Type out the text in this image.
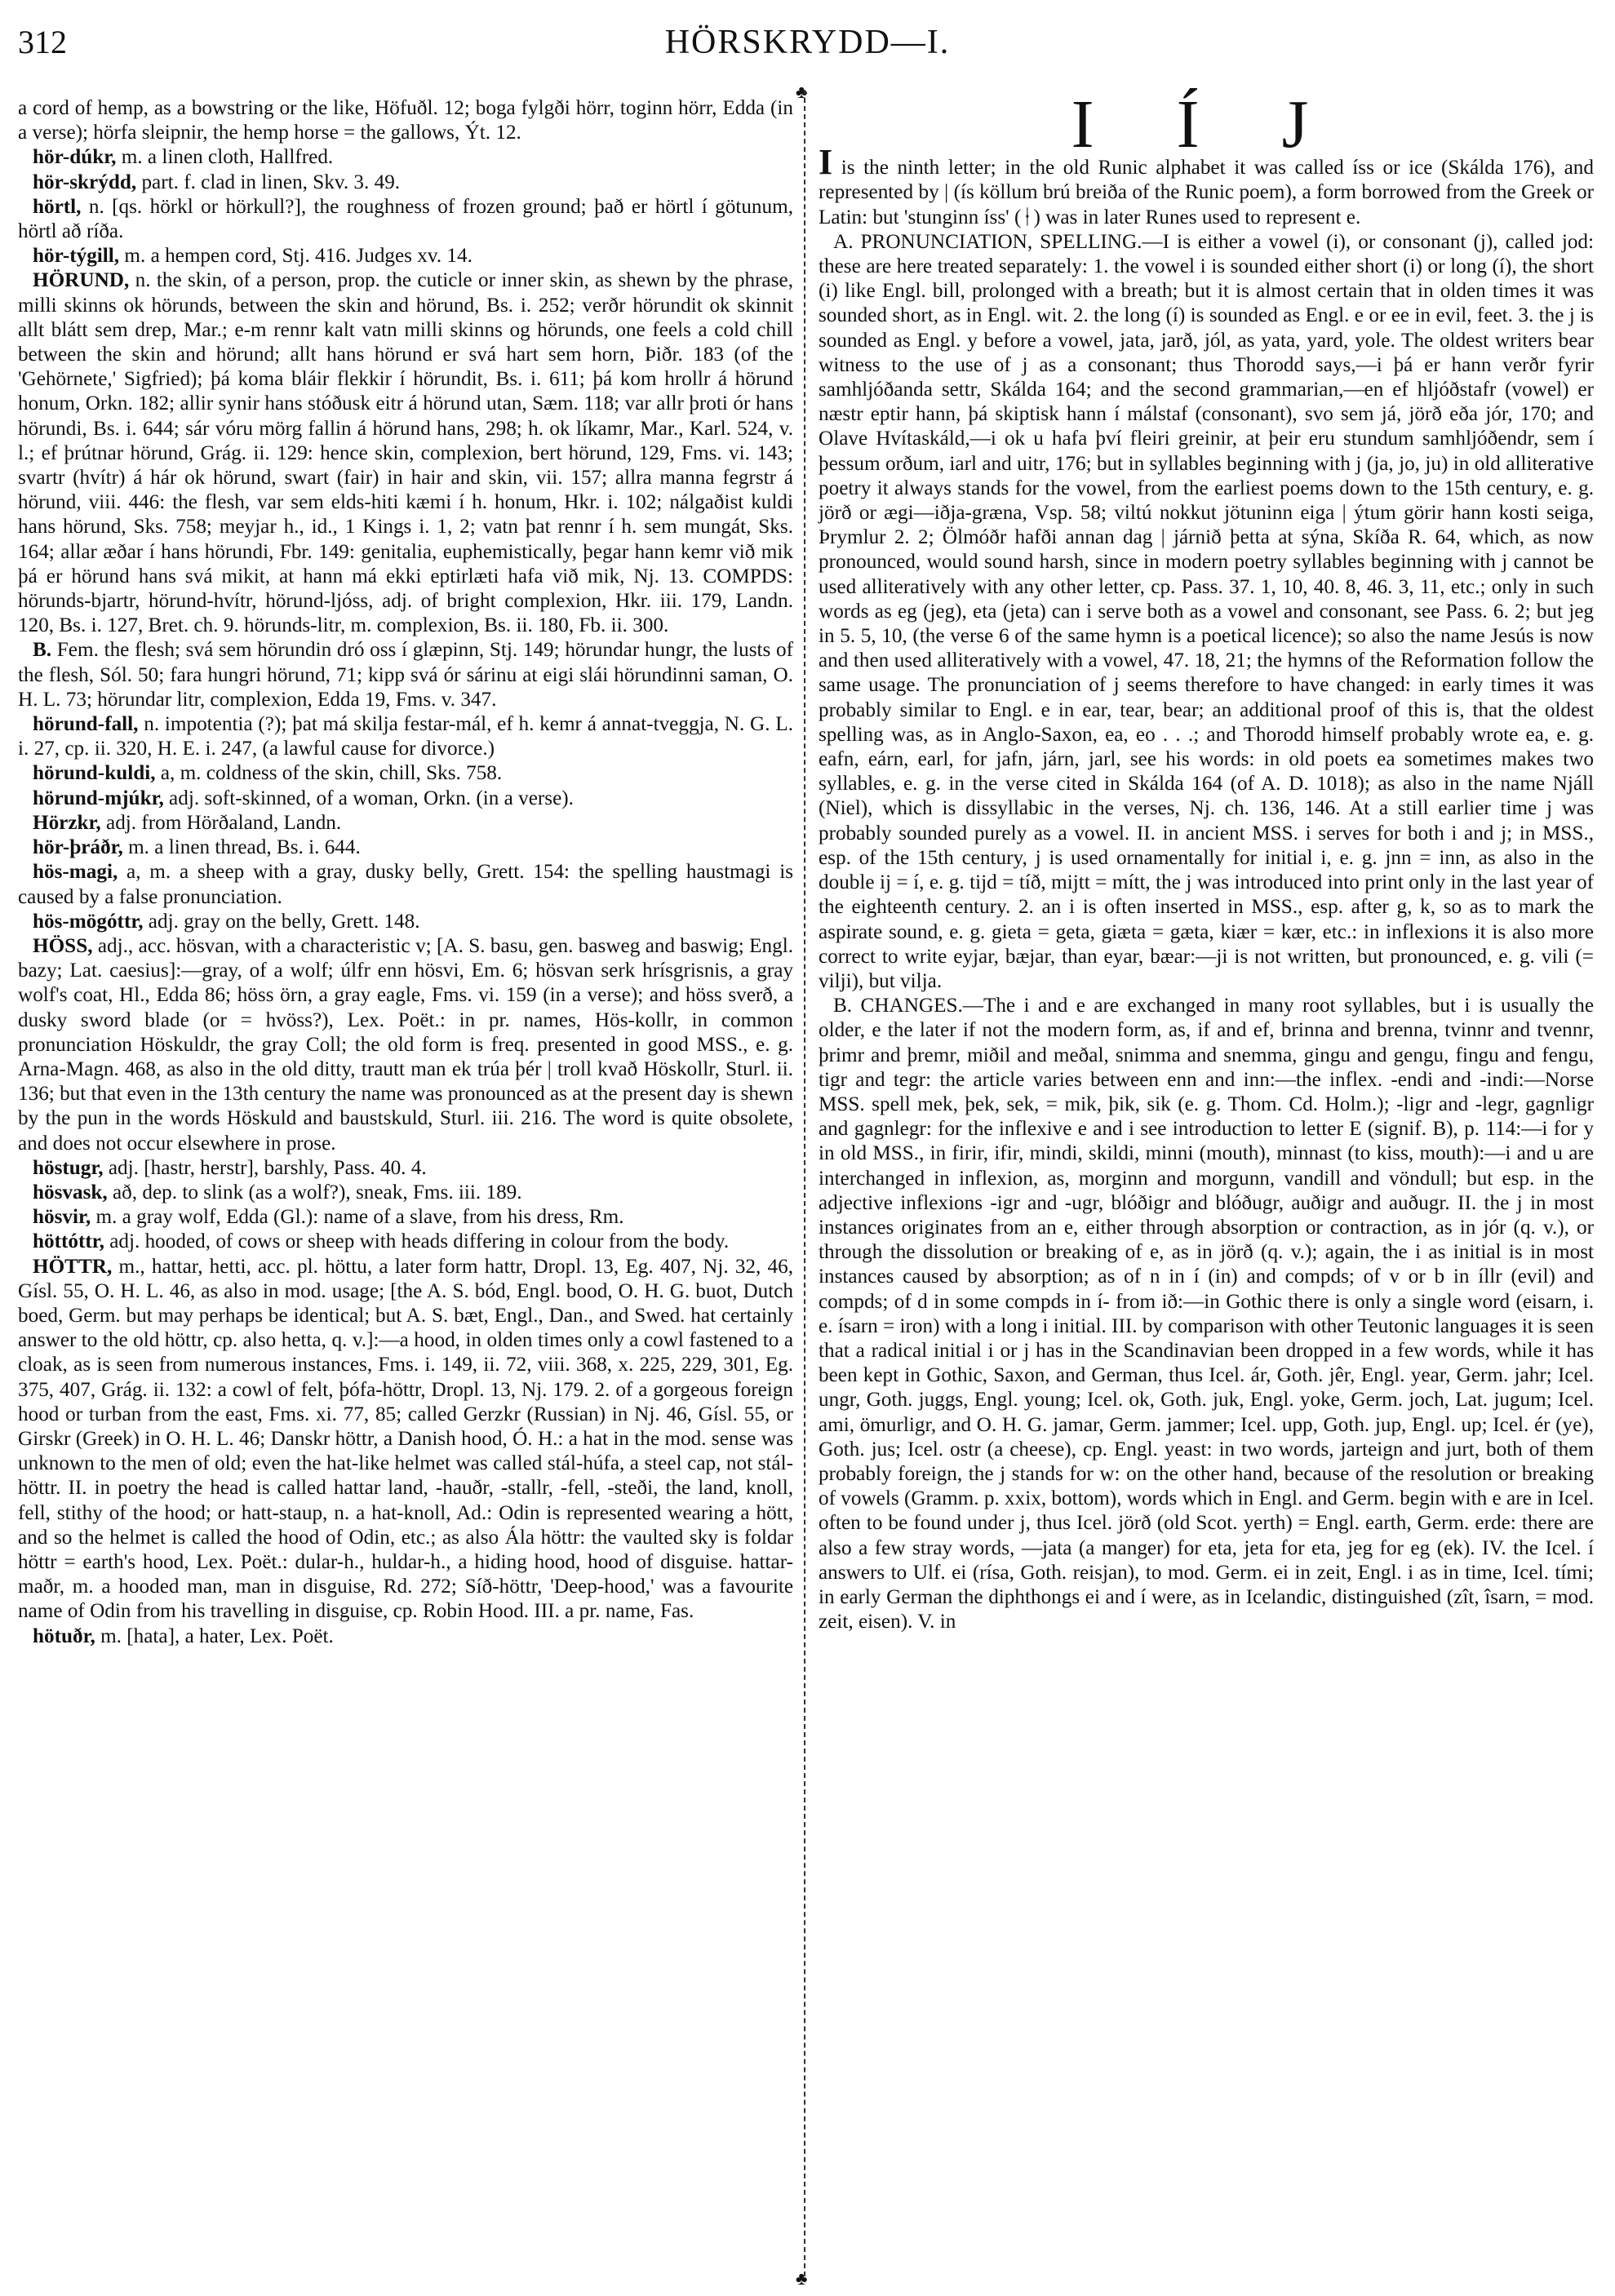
312	HÖRSKRYDD—I.
♣
♣

a cord of hemp, as a bowstring or the like, Höfuðl. 12; boga fylgði hörr, toginn hörr, Edda (in a verse); hörfa sleipnir, the hemp horse = the gallows, Ýt. 12.

hör-dúkr, m. a linen cloth, Hallfred.

hör-skrýdd, part. f. clad in linen, Skv. 3. 49.

hörtl, n. [qs. hörkl or hörkull?], the roughness of frozen ground; það er hörtl í götunum, hörtl að ríða.

hör-týgill, m. a hempen cord, Stj. 416. Judges xv. 14.

HÖRUND, n. the skin, of a person, prop. the cuticle or inner skin, as shewn by the phrase, milli skinns ok hörunds, between the skin and hörund, Bs. i. 252; verðr hörundit ok skinnit allt blátt sem drep, Mar.; e-m rennr kalt vatn milli skinns og hörunds, one feels a cold chill between the skin and hörund; allt hans hörund er svá hart sem horn, Þiðr. 183 (of the 'Gehörnete,' Sigfried); þá koma bláir flekkir í hörundit, Bs. i. 611; þá kom hrollr á hörund honum, Orkn. 182; allir synir hans stóðusk eitr á hörund utan, Sæm. 118; var allr þroti ór hans hörundi, Bs. i. 644; sár vóru mörg fallin á hörund hans, 298; h. ok líkamr, Mar., Karl. 524, v. l.; ef þrútnar hörund, Grág. ii. 129: hence skin, complexion, bert hörund, 129, Fms. vi. 143; svartr (hvítr) á hár ok hörund, swart (fair) in hair and skin, vii. 157; allra manna fegrstr á hörund, viii. 446: the flesh, var sem elds-hiti kæmi í h. honum, Hkr. i. 102; nálgaðist kuldi hans hörund, Sks. 758; meyjar h., id., 1 Kings i. 1, 2; vatn þat rennr í h. sem mungát, Sks. 164; allar æðar í hans hörundi, Fbr. 149: genitalia, euphemistically, þegar hann kemr við mik þá er hörund hans svá mikit, at hann má ekki eptirlæti hafa við mik, Nj. 13. COMPDS: hörunds-bjartr, hörund-hvítr, hörund-ljóss, adj. of bright complexion, Hkr. iii. 179, Landn. 120, Bs. i. 127, Bret. ch. 9. hörunds-litr, m. complexion, Bs. ii. 180, Fb. ii. 300.

B. Fem. the flesh; svá sem hörundin dró oss í glæpinn, Stj. 149; hörundar hungr, the lusts of the flesh, Sól. 50; fara hungri hörund, 71; kipp svá ór sárinu at eigi slái hörundinni saman, O. H. L. 73; hörundar litr, complexion, Edda 19, Fms. v. 347.

hörund-fall, n. impotentia (?); þat má skilja festar-mál, ef h. kemr á annat-tveggja, N. G. L. i. 27, cp. ii. 320, H. E. i. 247, (a lawful cause for divorce.)

hörund-kuldi, a, m. coldness of the skin, chill, Sks. 758.

hörund-mjúkr, adj. soft-skinned, of a woman, Orkn. (in a verse).

Hörzkr, adj. from Hörðaland, Landn.

hör-þráðr, m. a linen thread, Bs. i. 644.

hös-magi, a, m. a sheep with a gray, dusky belly, Grett. 154: the spelling haustmagi is caused by a false pronunciation.

hös-mögóttr, adj. gray on the belly, Grett. 148.

HÖSS, adj., acc. hösvan, with a characteristic v; [A. S. basu, gen. basweg and baswig; Engl. bazy; Lat. caesius]:—gray, of a wolf; úlfr enn hösvi, Em. 6; hösvan serk hrísgrisnis, a gray wolf's coat, Hl., Edda 86; höss örn, a gray eagle, Fms. vi. 159 (in a verse); and höss sverð, a dusky sword blade (or = hvöss?), Lex. Poët.: in pr. names, Hös-kollr, in common pronunciation Höskuldr, the gray Coll; the old form is freq. presented in good MSS., e. g. Arna-Magn. 468, as also in the old ditty, trautt man ek trúa þér | troll kvað Höskollr, Sturl. ii. 136; but that even in the 13th century the name was pronounced as at the present day is shewn by the pun in the words Höskuld and baustskuld, Sturl. iii. 216. The word is quite obsolete, and does not occur elsewhere in prose.

höstugr, adj. [hastr, herstr], barshly, Pass. 40. 4.

hösvask, að, dep. to slink (as a wolf?), sneak, Fms. iii. 189.

hösvir, m. a gray wolf, Edda (Gl.): name of a slave, from his dress, Rm.

höttóttr, adj. hooded, of cows or sheep with heads differing in colour from the body.

HÖTTR, m., hattar, hetti, acc. pl. höttu, a later form hattr, Dropl. 13, Eg. 407, Nj. 32, 46, Gísl. 55, O. H. L. 46, as also in mod. usage; [the A. S. bód, Engl. bood, O. H. G. buot, Dutch boed, Germ. but may perhaps be identical; but A. S. bæt, Engl., Dan., and Swed. hat certainly answer to the old höttr, cp. also hetta, q. v.]:—a hood, in olden times only a cowl fastened to a cloak, as is seen from numerous instances, Fms. i. 149, ii. 72, viii. 368, x. 225, 229, 301, Eg. 375, 407, Grág. ii. 132: a cowl of felt, þófa-höttr, Dropl. 13, Nj. 179. 2. of a gorgeous foreign hood or turban from the east, Fms. xi. 77, 85; called Gerzkr (Russian) in Nj. 46, Gísl. 55, or Girskr (Greek) in O. H. L. 46; Danskr höttr, a Danish hood, Ó. H.: a hat in the mod. sense was unknown to the men of old; even the hat-like helmet was called stál-húfa, a steel cap, not stál-höttr. II. in poetry the head is called hattar land, -hauðr, -stallr, -fell, -steði, the land, knoll, fell, stithy of the hood; or hatt-staup, n. a hat-knoll, Ad.: Odin is represented wearing a hött, and so the helmet is called the hood of Odin, etc.; as also Ála höttr: the vaulted sky is foldar höttr = earth's hood, Lex. Poët.: dular-h., huldar-h., a hiding hood, hood of disguise. hattar-maðr, m. a hooded man, man in disguise, Rd. 272; Síð-höttr, 'Deep-hood,' was a favourite name of Odin from his travelling in disguise, cp. Robin Hood. III. a pr. name, Fas.

hötuðr, m. [hata], a hater, Lex. Poët.

I Í J

I is the ninth letter; in the old Runic alphabet it was called íss or ice (Skálda 176), and represented by | (ís köllum brú breiða of the Runic poem), a form borrowed from the Greek or Latin: but 'stunginn íss' (ᛂ) was in later Runes used to represent e.

A. PRONUNCIATION, SPELLING.—I is either a vowel (i), or consonant (j), called jod: these are here treated separately: 1. the vowel i is sounded either short (i) or long (í), the short (i) like Engl. bill, prolonged with a breath; but it is almost certain that in olden times it was sounded short, as in Engl. wit. 2. the long (í) is sounded as Engl. e or ee in evil, feet. 3. the j is sounded as Engl. y before a vowel, jata, jarð, jól, as yata, yard, yole. The oldest writers bear witness to the use of j as a consonant; thus Thorodd says,—i þá er hann verðr fyrir samhljóðanda settr, Skálda 164; and the second grammarian,—en ef hljóðstafr (vowel) er næstr eptir hann, þá skiptisk hann í málstaf (consonant), svo sem já, jörð eða jór, 170; and Olave Hvítaskáld,—i ok u hafa því fleiri greinir, at þeir eru stundum samhljóðendr, sem í þessum orðum, iarl and uitr, 176; but in syllables beginning with j (ja, jo, ju) in old alliterative poetry it always stands for the vowel, from the earliest poems down to the 15th century, e. g. jörð or ægi—iðja-græna, Vsp. 58; viltú nokkut jötuninn eiga | ýtum görir hann kosti seiga, Þrymlur 2. 2; Ölmóðr hafði annan dag | járnið þetta at sýna, Skíða R. 64, which, as now pronounced, would sound harsh, since in modern poetry syllables beginning with j cannot be used alliteratively with any other letter, cp. Pass. 37. 1, 10, 40. 8, 46. 3, 11, etc.; only in such words as eg (jeg), eta (jeta) can i serve both as a vowel and consonant, see Pass. 6. 2; but jeg in 5. 5, 10, (the verse 6 of the same hymn is a poetical licence); so also the name Jesús is now and then used alliteratively with a vowel, 47. 18, 21; the hymns of the Reformation follow the same usage. The pronunciation of j seems therefore to have changed: in early times it was probably similar to Engl. e in ear, tear, bear; an additional proof of this is, that the oldest spelling was, as in Anglo-Saxon, ea, eo . . .; and Thorodd himself probably wrote ea, e. g. eafn, eárn, earl, for jafn, járn, jarl, see his words: in old poets ea sometimes makes two syllables, e. g. in the verse cited in Skálda 164 (of A. D. 1018); as also in the name Njáll (Niel), which is dissyllabic in the verses, Nj. ch. 136, 146. At a still earlier time j was probably sounded purely as a vowel. II. in ancient MSS. i serves for both i and j; in MSS., esp. of the 15th century, j is used ornamentally for initial i, e. g. jnn = inn, as also in the double ij = í, e. g. tijd = tíð, mijtt = mítt, the j was introduced into print only in the last year of the eighteenth century. 2. an i is often inserted in MSS., esp. after g, k, so as to mark the aspirate sound, e. g. gieta = geta, giæta = gæta, kiær = kær, etc.: in inflexions it is also more correct to write eyjar, bæjar, than eyar, bæar:—ji is not written, but pronounced, e. g. vili (= vilji), but vilja.

B. CHANGES.—The i and e are exchanged in many root syllables, but i is usually the older, e the later if not the modern form, as, if and ef, brinna and brenna, tvinnr and tvennr, þrimr and þremr, miðil and meðal, snimma and snemma, gingu and gengu, fingu and fengu, tigr and tegr: the article varies between enn and inn:—the inflex. -endi and -indi:—Norse MSS. spell mek, þek, sek, = mik, þik, sik (e. g. Thom. Cd. Holm.); -ligr and -legr, gagnligr and gagnlegr: for the inflexive e and i see introduction to letter E (signif. B), p. 114:—i for y in old MSS., in firir, ifir, mindi, skildi, minni (mouth), minnast (to kiss, mouth):—i and u are interchanged in inflexion, as, morginn and morgunn, vandill and vöndull; but esp. in the adjective inflexions -igr and -ugr, blóðigr and blóðugr, auðigr and auðugr. II. the j in most instances originates from an e, either through absorption or contraction, as in jór (q. v.), or through the dissolution or breaking of e, as in jörð (q. v.); again, the i as initial is in most instances caused by absorption; as of n in í (in) and compds; of v or b in íllr (evil) and compds; of d in some compds in í- from ið:—in Gothic there is only a single word (eisarn, i. e. ísarn = iron) with a long i initial. III. by comparison with other Teutonic languages it is seen that a radical initial i or j has in the Scandinavian been dropped in a few words, while it has been kept in Gothic, Saxon, and German, thus Icel. ár, Goth. jêr, Engl. year, Germ. jahr; Icel. ungr, Goth. juggs, Engl. young; Icel. ok, Goth. juk, Engl. yoke, Germ. joch, Lat. jugum; Icel. ami, ömurligr, and O. H. G. jamar, Germ. jammer; Icel. upp, Goth. jup, Engl. up; Icel. ér (ye), Goth. jus; Icel. ostr (a cheese), cp. Engl. yeast: in two words, jarteign and jurt, both of them probably foreign, the j stands for w: on the other hand, because of the resolution or breaking of vowels (Gramm. p. xxix, bottom), words which in Engl. and Germ. begin with e are in Icel. often to be found under j, thus Icel. jörð (old Scot. yerth) = Engl. earth, Germ. erde: there are also a few stray words, —jata (a manger) for eta, jeta for eta, jeg for eg (ek). IV. the Icel. í answers to Ulf. ei (rísa, Goth. reisjan), to mod. Germ. ei in zeit, Engl. i as in time, Icel. tími; in early German the diphthongs ei and í were, as in Icelandic, distinguished (zît, îsarn, = mod. zeit, eisen). V. in
